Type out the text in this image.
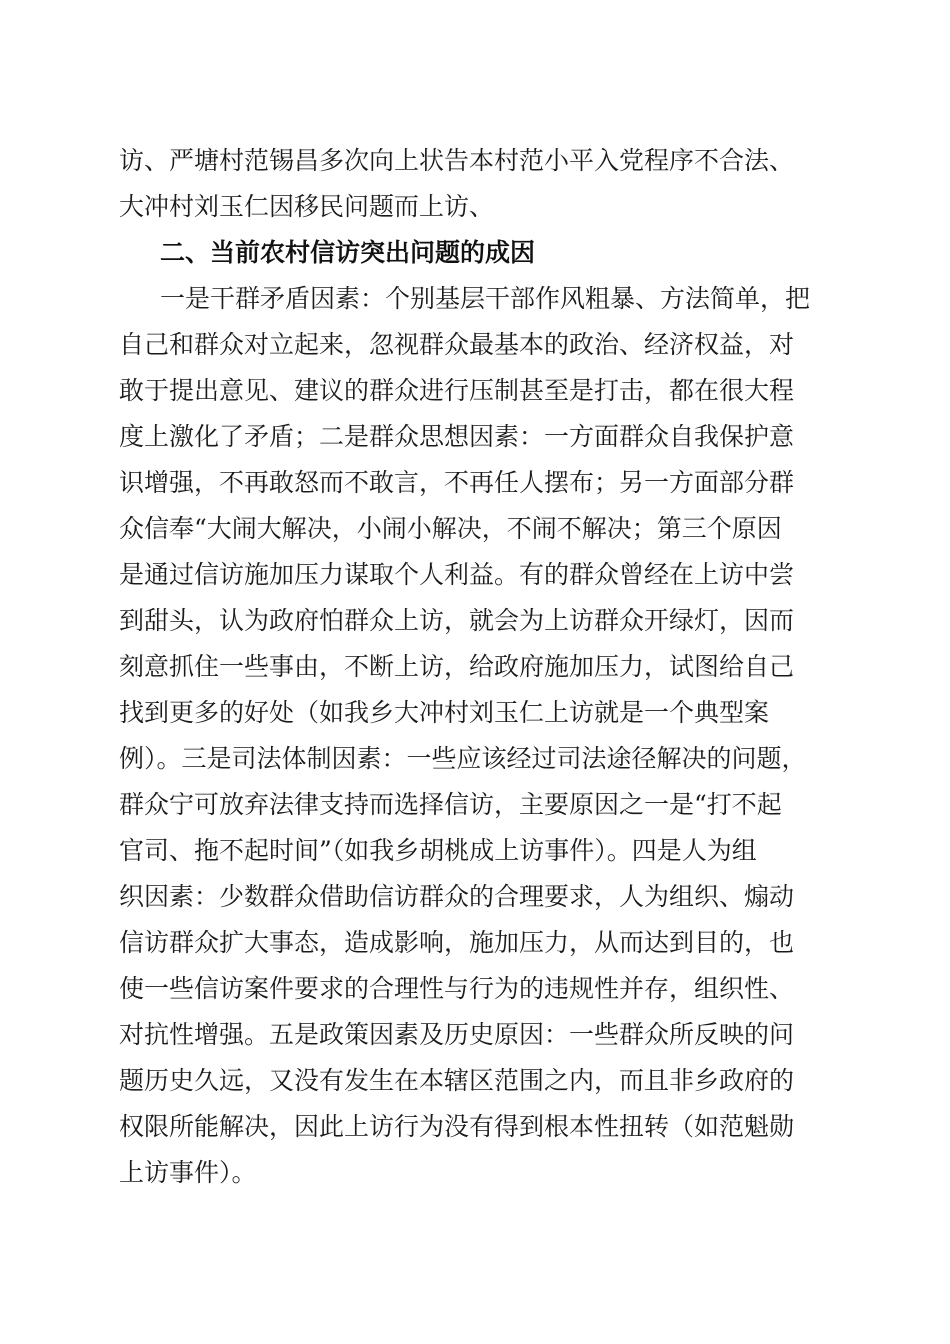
访、严塘村范锡昌多次向上状告本村范小平入党程序不合法、
大冲村刘玉仁因移民问题而上访、
二、当前农村信访突出问题的成因
一是干群矛盾因素：个别基层干部作风粗暴、方法简单，把
自己和群众对立起来，忽视群众最基本的政治、经济权益，对
敢于提出意见、建议的群众进行压制甚至是打击，都在很大程
度上激化了矛盾；二是群众思想因素：一方面群众自我保护意
识增强，不再敢怒而不敢言，不再任人摆布；另一方面部分群
众信奉“大闹大解决，小闹小解决，不闹不解决；第三个原因
是通过信访施加压力谋取个人利益。有的群众曾经在上访中尝
到甜头，认为政府怕群众上访，就会为上访群众开绿灯，因而
刻意抓住一些事由，不断上访，给政府施加压力，试图给自己
找到更多的好处（如我乡大冲村刘玉仁上访就是一个典型案
例）。三是司法体制因素：一些应该经过司法途径解决的问题，
群众宁可放弃法律支持而选择信访，主要原因之一是“打不起
官司、拖不起时间”（如我乡胡桃成上访事件）。四是人为组
织因素：少数群众借助信访群众的合理要求，人为组织、煽动
信访群众扩大事态，造成影响，施加压力，从而达到目的，也
使一些信访案件要求的合理性与行为的违规性并存，组织性、
对抗性增强。五是政策因素及历史原因：一些群众所反映的问
题历史久远，又没有发生在本辖区范围之内，而且非乡政府的
权限所能解决，因此上访行为没有得到根本性扭转（如范魁勋
上访事件）。
